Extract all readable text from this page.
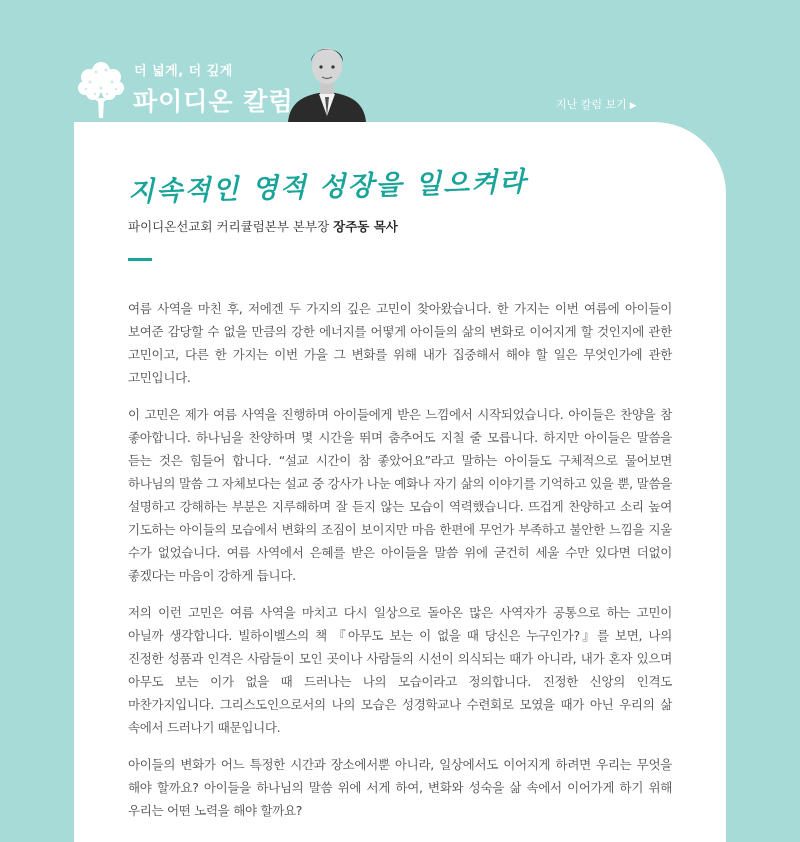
더 넓게, 더 깊게
파이디온 칼럼	지난 칼럼 보기 ▶
지속적인 영적 성장을 일으켜라
파이디온선교회 커리큘럼본부 본부장 장주동 목사

여름 사역을 마친 후, 저에겐 두 가지의 깊은 고민이 찾아왔습니다. 한 가지는 이번 여름에 아이들이 보여준 감당할 수 없을 만큼의 강한 에너지를 어떻게 아이들의 삶의 변화로 이어지게 할 것인지에 관한 고민이고, 다른 한 가지는 이번 가을 그 변화를 위해 내가 집중해서 해야 할 일은 무엇인가에 관한 고민입니다.

이 고민은 제가 여름 사역을 진행하며 아이들에게 받은 느낌에서 시작되었습니다. 아이들은 찬양을 참 좋아합니다. 하나님을 찬양하며 몇 시간을 뛰며 춤추어도 지칠 줄 모릅니다. 하지만 아이들은 말씀을 듣는 것은 힘들어 합니다. “설교 시간이 참 좋았어요”라고 말하는 아이들도 구체적으로 물어보면 하나님의 말씀 그 자체보다는 설교 중 강사가 나눈 예화나 자기 삶의 이야기를 기억하고 있을 뿐, 말씀을 설명하고 강해하는 부분은 지루해하며 잘 듣지 않는 모습이 역력했습니다. 뜨겁게 찬양하고 소리 높여 기도하는 아이들의 모습에서 변화의 조짐이 보이지만 마음 한편에 무언가 부족하고 불안한 느낌을 지울 수가 없었습니다. 여름 사역에서 은혜를 받은 아이들을 말씀 위에 굳건히 세울 수만 있다면 더없이 좋겠다는 마음이 강하게 듭니다.

저의 이런 고민은 여름 사역을 마치고 다시 일상으로 돌아온 많은 사역자가 공통으로 하는 고민이 아닐까 생각합니다. 빌하이벨스의 책 『아무도 보는 이 없을 때 당신은 누구인가?』를 보면, 나의 진정한 성품과 인격은 사람들이 모인 곳이나 사람들의 시선이 의식되는 때가 아니라, 내가 혼자 있으며 아무도 보는 이가 없을 때 드러나는 나의 모습이라고 정의합니다. 진정한 신앙의 인격도 마찬가지입니다. 그리스도인으로서의 나의 모습은 성경학교나 수련회로 모였을 때가 아닌 우리의 삶 속에서 드러나기 때문입니다.

아이들의 변화가 어느 특정한 시간과 장소에서뿐 아니라, 일상에서도 이어지게 하려면 우리는 무엇을 해야 할까요? 아이들을 하나님의 말씀 위에 서게 하여, 변화와 성숙을 삶 속에서 이어가게 하기 위해 우리는 어떤 노력을 해야 할까요?
